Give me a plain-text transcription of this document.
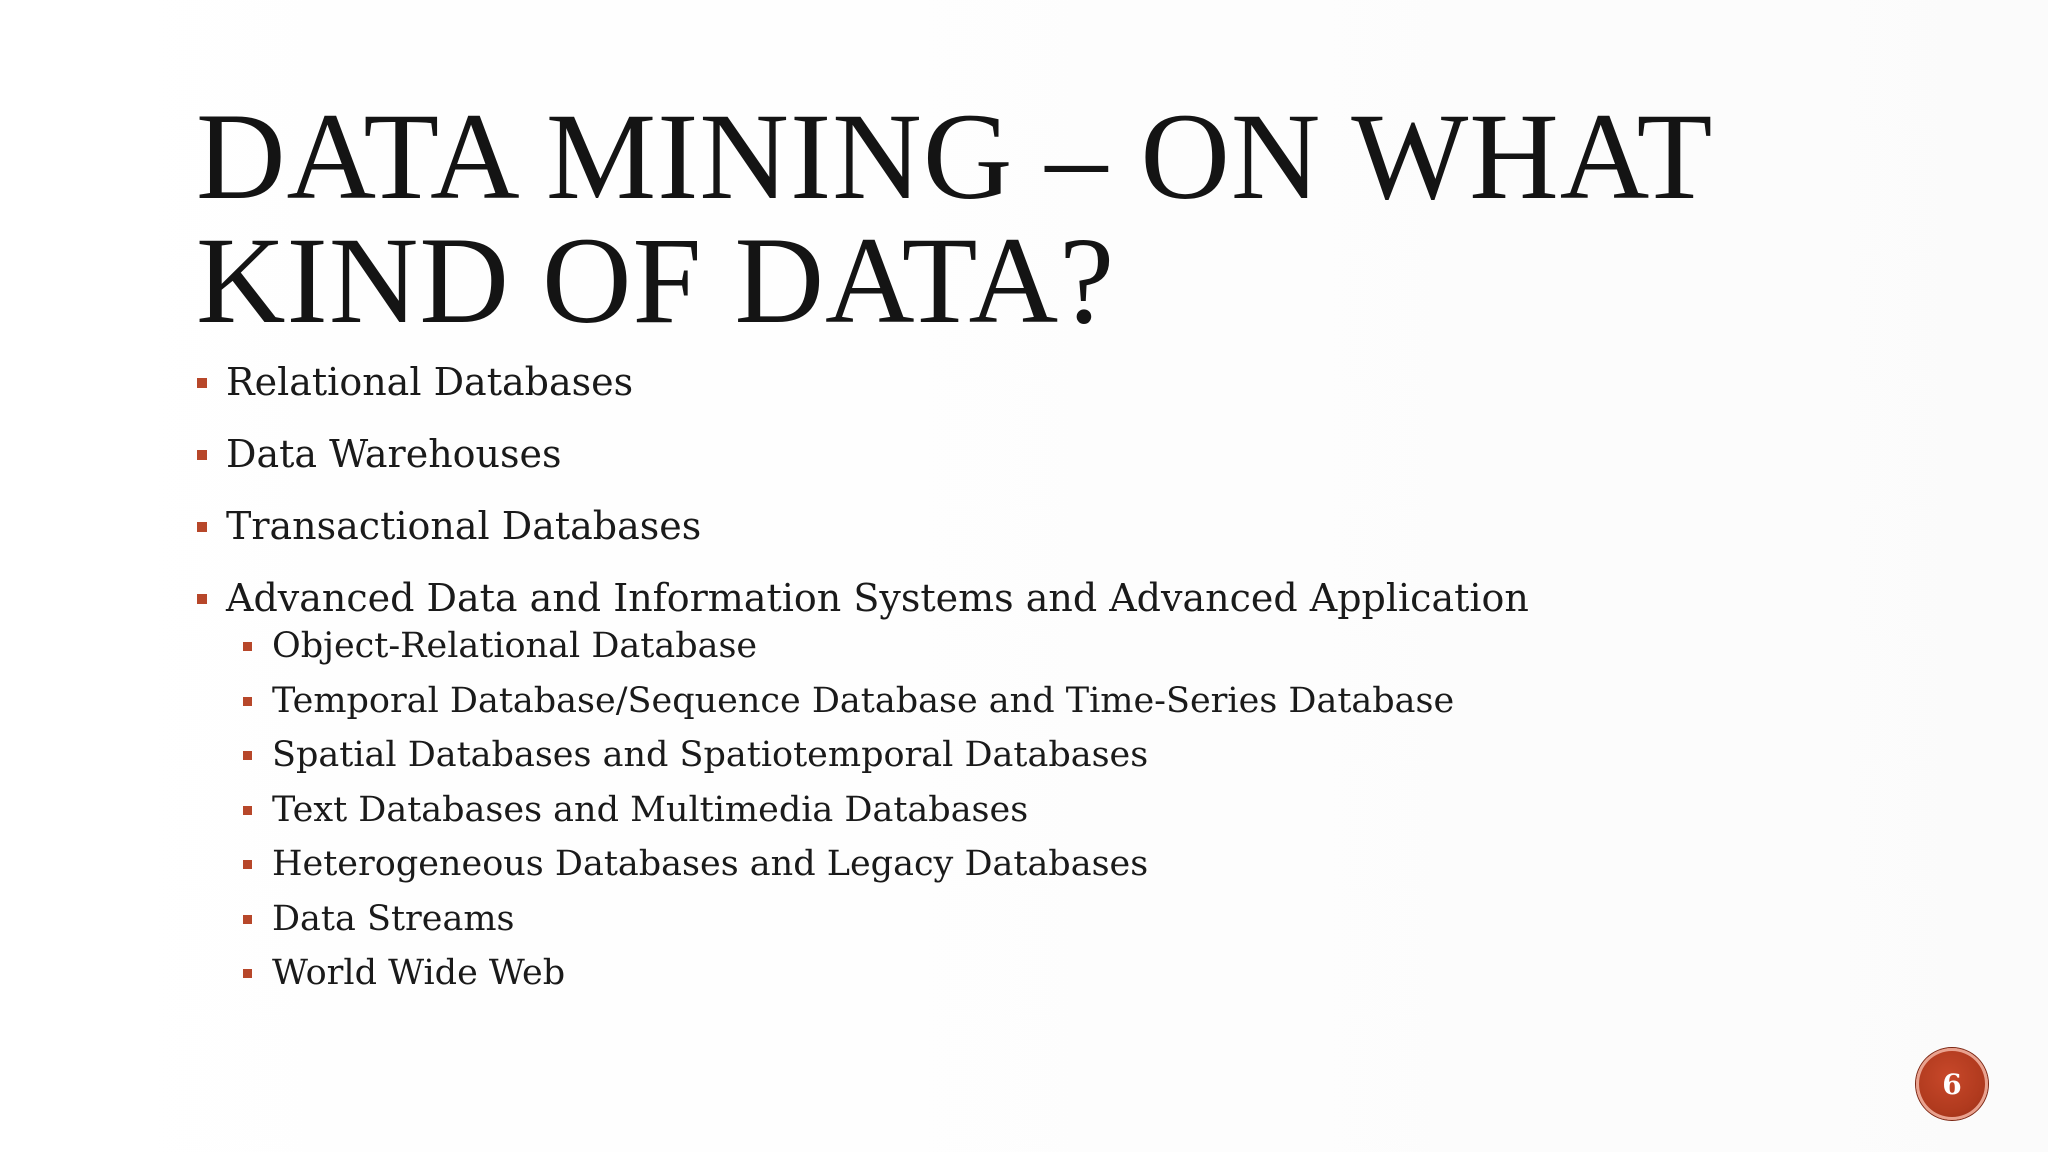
DATA MINING – ON WHAT
KIND OF DATA?
Relational Databases
Data Warehouses
Transactional Databases
Advanced Data and Information Systems and Advanced Application
Object-Relational Database
Temporal Database/Sequence Database and Time-Series Database
Spatial Databases and Spatiotemporal Databases
Text Databases and Multimedia Databases
Heterogeneous Databases and Legacy Databases
Data Streams
World Wide Web
6
